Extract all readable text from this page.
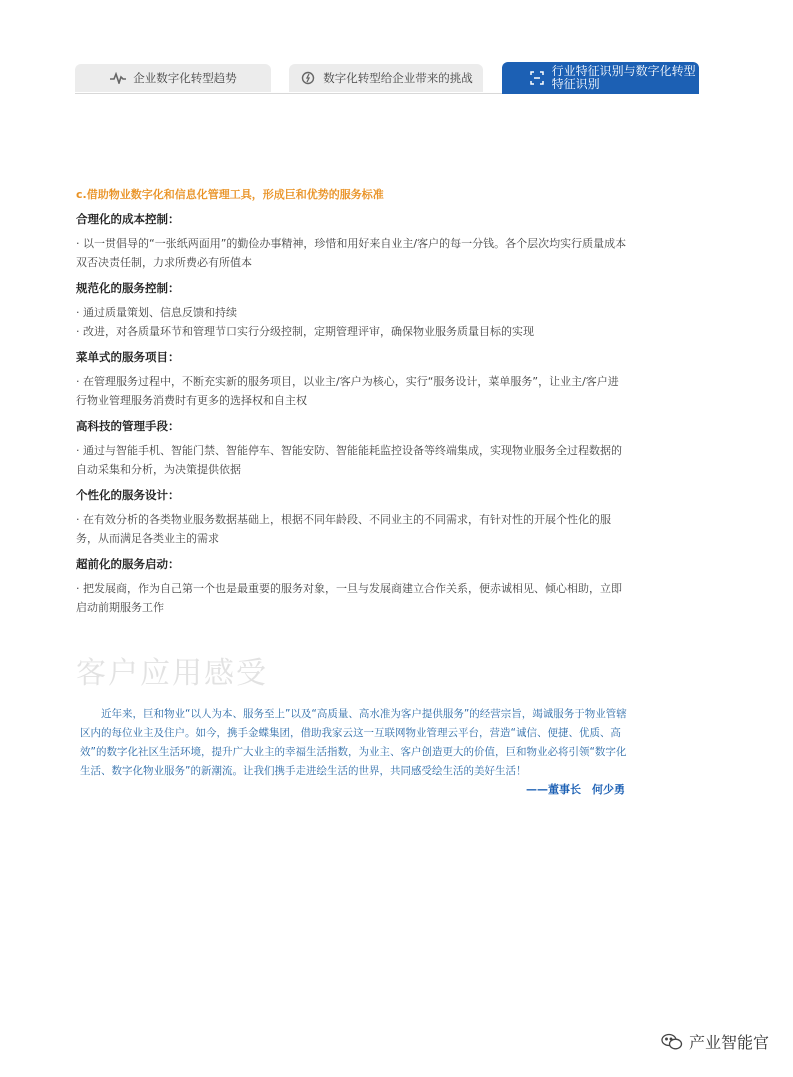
企业数字化转型趋势	数字化转型给企业带来的挑战	行业特征识别与数字化转型特征识别

c.借助物业数字化和信息化管理工具，形成巨和优势的服务标准

合理化的成本控制：

· 以一贯倡导的“一张纸两面用”的勤俭办事精神，珍惜和用好来自业主/客户的每一分钱。各个层次均实行质量成本双否决责任制，力求所费必有所值本

规范化的服务控制：

· 通过质量策划、信息反馈和持续

· 改进，对各质量环节和管理节口实行分级控制，定期管理评审，确保物业服务质量目标的实现

菜单式的服务项目：

· 在管理服务过程中，不断充实新的服务项目，以业主/客户为核心，实行“服务设计，菜单服务”，让业主/客户进行物业管理服务消费时有更多的选择权和自主权

高科技的管理手段：

· 通过与智能手机、智能门禁、智能停车、智能安防、智能能耗监控设备等终端集成，实现物业服务全过程数据的自动采集和分析，为决策提供依据

个性化的服务设计：

· 在有效分析的各类物业服务数据基础上，根据不同年龄段、不同业主的不同需求，有针对性的开展个性化的服务，从而满足各类业主的需求

超前化的服务启动：

· 把发展商，作为自己第一个也是最重要的服务对象，一旦与发展商建立合作关系，便赤诚相见、倾心相助，立即启动前期服务工作

客户应用感受

近年来，巨和物业“以人为本、服务至上”以及“高质量、高水准为客户提供服务”的经营宗旨，竭诚服务于物业管辖区内的每位业主及住户。如今，携手金蝶集团，借助我家云这一互联网物业管理云平台，营造“诚信、便捷、优质、高效”的数字化社区生活环境，提升广大业主的幸福生活指数，为业主、客户创造更大的价值，巨和物业必将引领“数字化生活、数字化物业服务”的新潮流。让我们携手走进绘生活的世界，共同感受绘生活的美好生活！

——董事长　何少勇
产业智能官
